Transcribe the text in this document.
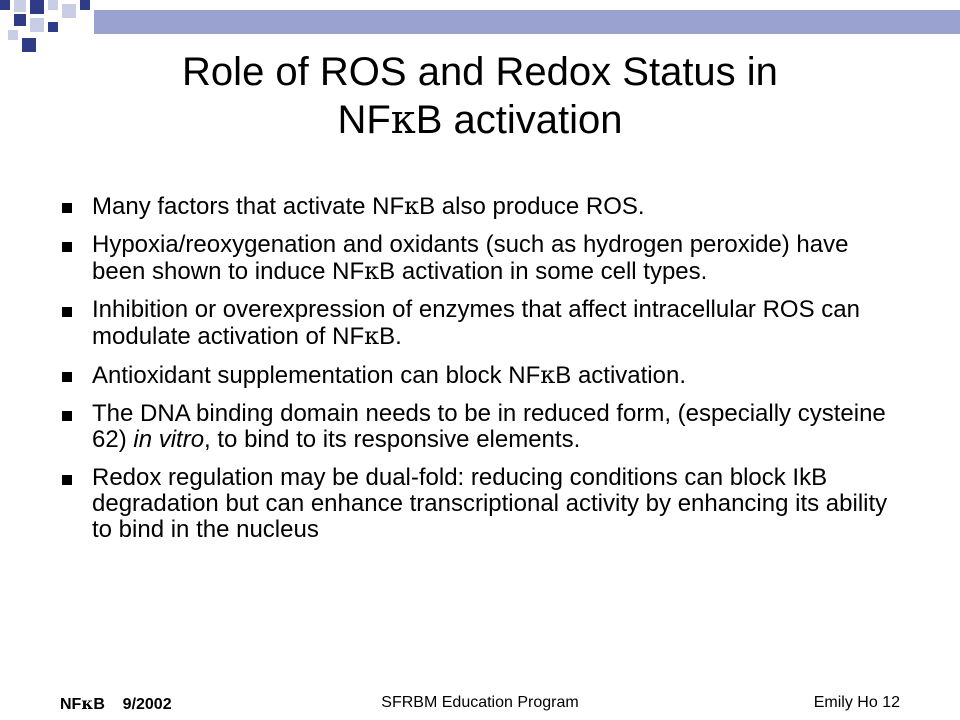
Role of ROS and Redox Status in
NFκB activation
Many factors that activate NFκB also produce ROS.
Hypoxia/reoxygenation and oxidants (such as hydrogen peroxide) have been shown to induce NFκB activation in some cell types.
Inhibition or overexpression of enzymes that affect intracellular ROS can modulate activation of NFκB.
Antioxidant supplementation can block NFκB activation.
The DNA binding domain needs to be in reduced form, (especially cysteine 62) in vitro, to bind to its responsive elements.
Redox regulation may be dual-fold: reducing conditions can block IkB degradation but can enhance transcriptional activity by enhancing its ability to bind in the nucleus
NFκB    9/2002	SFRBM Education Program	Emily Ho 12
